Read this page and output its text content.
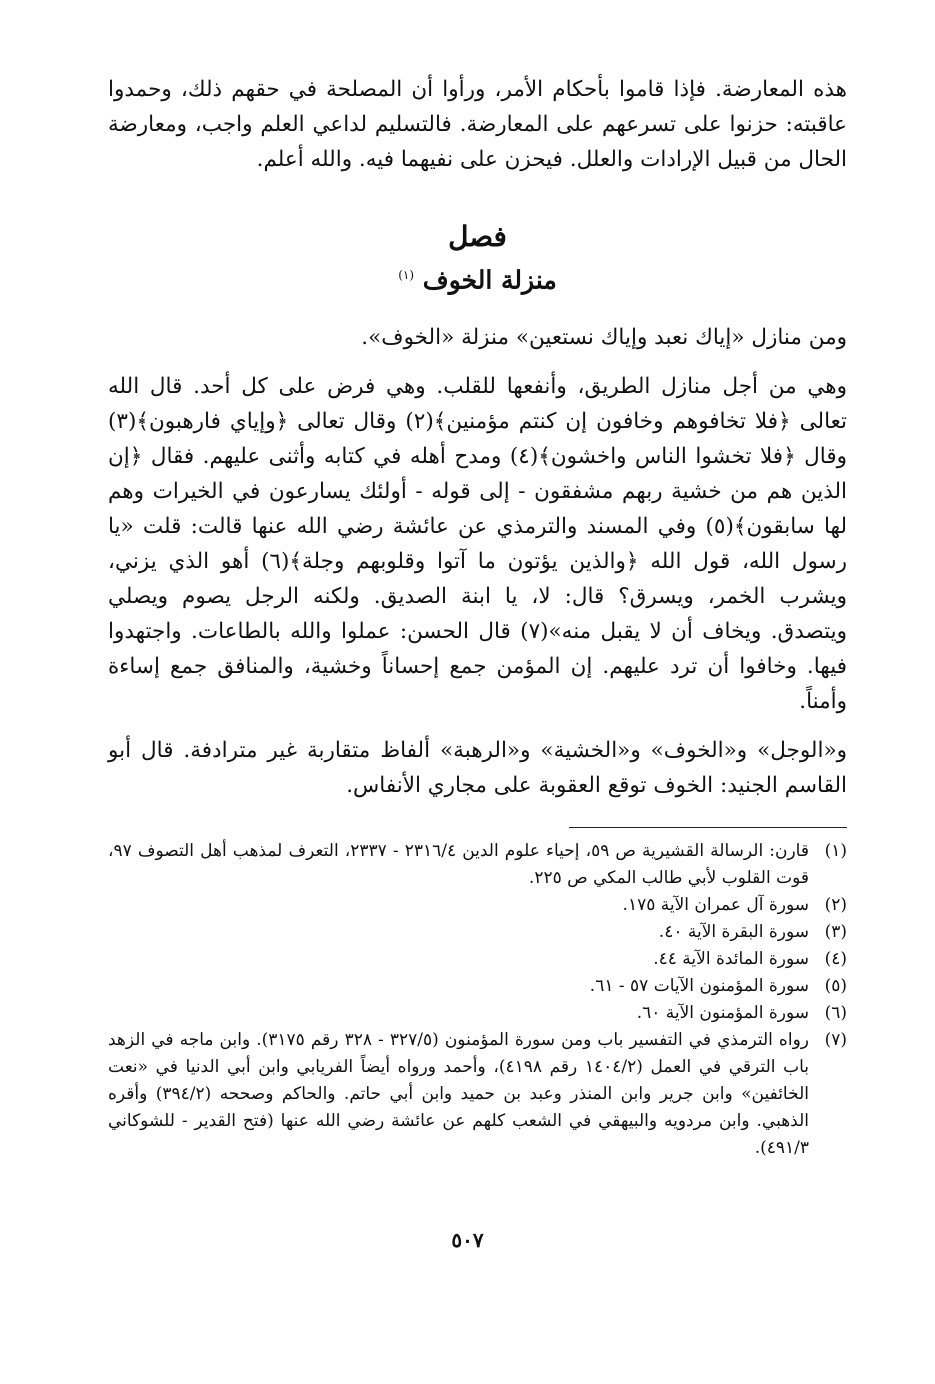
هذه المعارضة. فإذا قاموا بأحكام الأمر، ورأوا أن المصلحة في حقهم ذلك، وحمدوا عاقبته: حزنوا على تسرعهم على المعارضة. فالتسليم لداعي العلم واجب، ومعارضة الحال من قبيل الإرادات والعلل. فيحزن على نفيهما فيه. والله أعلم.

فصل
منزلة الخوف $^{(١)}$

ومن منازل «إياك نعبد وإياك نستعين» منزلة «الخوف».

وهي من أجل منازل الطريق، وأنفعها للقلب. وهي فرض على كل أحد. قال الله تعالى ﴿فلا تخافوهم وخافون إن كنتم مؤمنين﴾(٢) وقال تعالى ﴿وإياي فارهبون﴾(٣) وقال ﴿فلا تخشوا الناس واخشون﴾(٤) ومدح أهله في كتابه وأثنى عليهم. فقال ﴿إن الذين هم من خشية ربهم مشفقون - إلى قوله - أولئك يسارعون في الخيرات وهم لها سابقون﴾(٥) وفي المسند والترمذي عن عائشة رضي الله عنها قالت: قلت «يا رسول الله، قول الله ﴿والذين يؤتون ما آتوا وقلوبهم وجلة﴾(٦) أهو الذي يزني، ويشرب الخمر، ويسرق؟ قال: لا، يا ابنة الصديق. ولكنه الرجل يصوم ويصلي ويتصدق. ويخاف أن لا يقبل منه»(٧) قال الحسن: عملوا والله بالطاعات. واجتهدوا فيها. وخافوا أن ترد عليهم. إن المؤمن جمع إحساناً وخشية، والمنافق جمع إساءة وأمناً.

و«الوجل» و«الخوف» و«الخشية» و«الرهبة» ألفاظ متقاربة غير مترادفة. قال أبو القاسم الجنيد: الخوف توقع العقوبة على مجاري الأنفاس.

(١)
قارن: الرسالة القشيرية ص ٥٩، إحياء علوم الدين ٢٣١٦/٤ - ٢٣٣٧، التعرف لمذهب أهل التصوف ٩٧، قوت القلوب لأبي طالب المكي ص ٢٢٥.
(٢)
سورة آل عمران الآية ١٧٥.
(٣)
سورة البقرة الآية ٤٠.
(٤)
سورة المائدة الآية ٤٤.
(٥)
سورة المؤمنون الآيات ٥٧ - ٦١.
(٦)
سورة المؤمنون الآية ٦٠.
(٧)
رواه الترمذي في التفسير باب ومن سورة المؤمنون (٣٢٧/٥ - ٣٢٨ رقم ٣١٧٥). وابن ماجه في الزهد باب الترقي في العمل (١٤٠٤/٢ رقم ٤١٩٨)، وأحمد ورواه أيضاً الفريابي وابن أبي الدنيا في «نعت الخائفين» وابن جرير وابن المنذر وعبد بن حميد وابن أبي حاتم. والحاكم وصححه (٣٩٤/٢) وأقره الذهبي. وابن مردويه والبيهقي في الشعب كلهم عن عائشة رضي الله عنها (فتح القدير - للشوكاني ٤٩١/٣).
٥٠٧
